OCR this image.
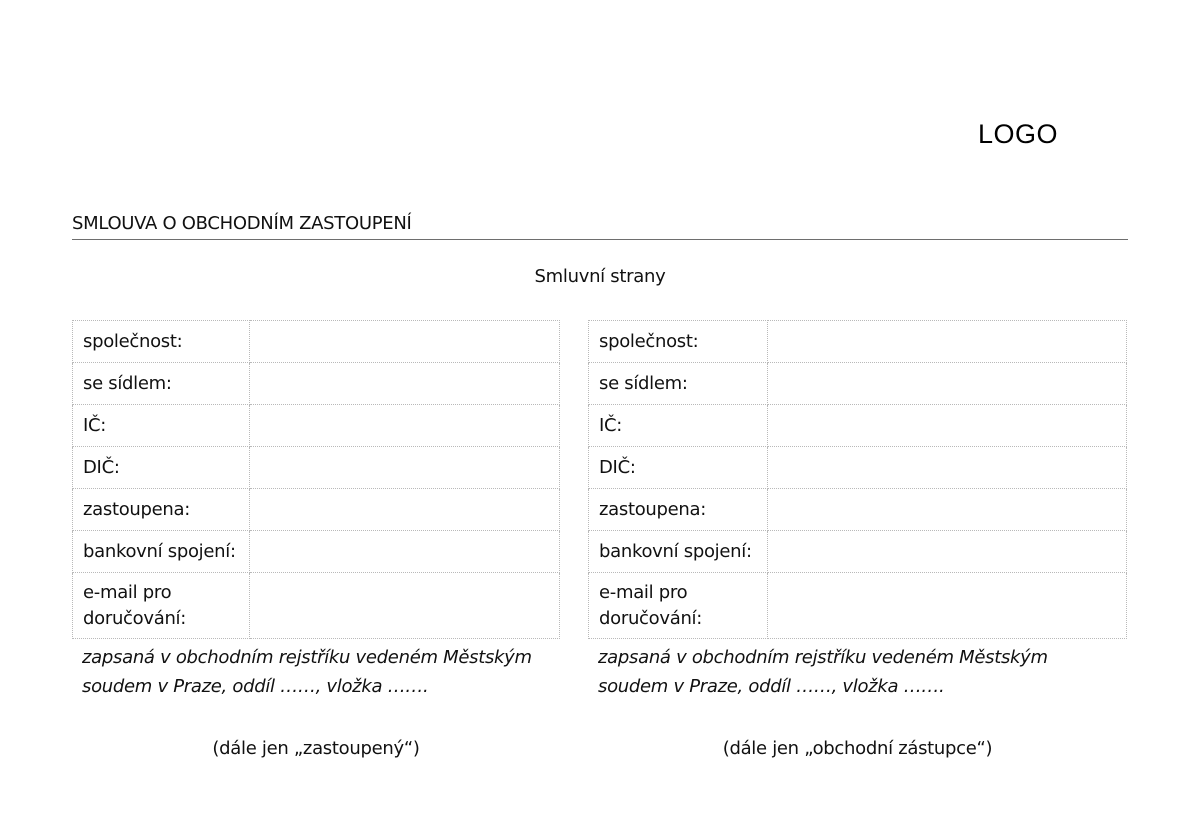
LOGO
SMLOUVA O OBCHODNÍM ZASTOUPENÍ
Smluvní strany
společnost:	
se sídlem:	
IČ:	
DIČ:	
zastoupena:	
bankovní spojení:	
e-mail pro doručování:	
zapsaná v obchodním rejstříku vedeném Městským soudem v Praze, oddíl ……, vložka …….
společnost:	
se sídlem:	
IČ:	
DIČ:	
zastoupena:	
bankovní spojení:	
e-mail pro doručování:	
zapsaná v obchodním rejstříku vedeném Městským soudem v Praze, oddíl ……, vložka …….
(dále jen „zastoupený“)	(dále jen „obchodní zástupce“)
